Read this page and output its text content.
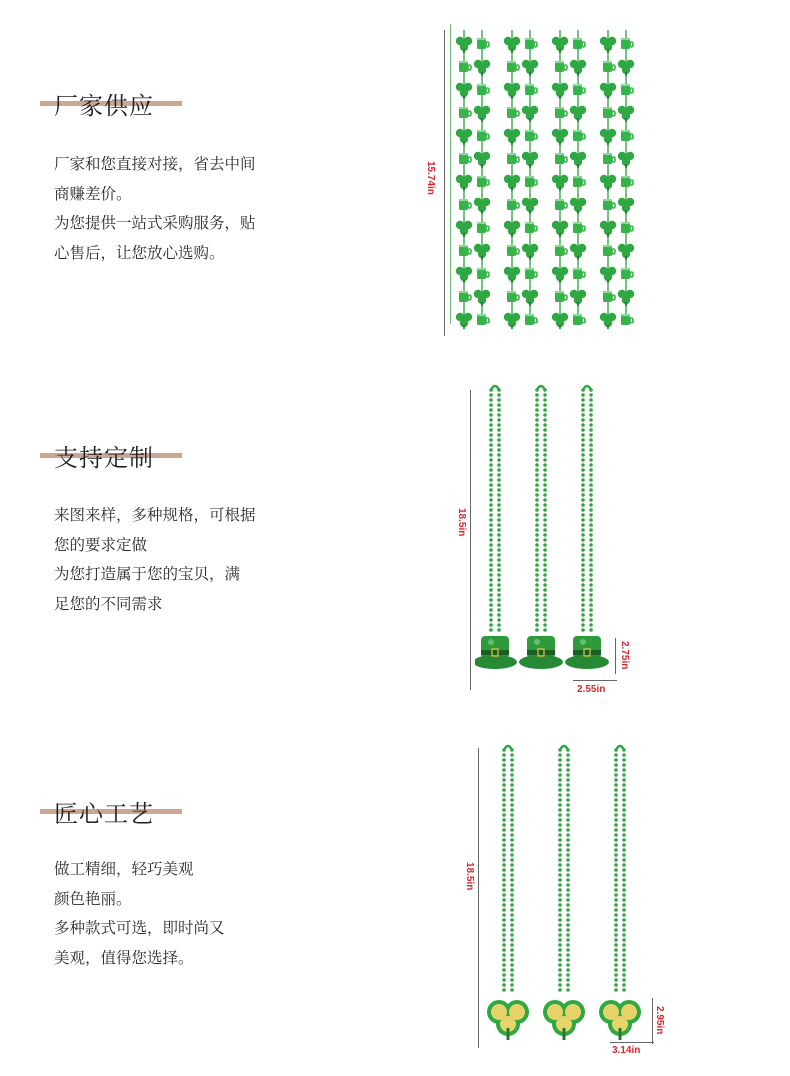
厂家供应
厂家和您直接对接，省去中间
商赚差价。
为您提供一站式采购服务，贴
心售后，让您放心选购。
15.74in
支持定制
来图来样，多种规格，可根据
您的要求定做
为您打造属于您的宝贝，满
足您的不同需求
18.5in
2.75in
2.55in
匠心工艺
做工精细，轻巧美观
颜色艳丽。
多种款式可选，即时尚又
美观，值得您选择。
18.5in
2.95in
3.14in
